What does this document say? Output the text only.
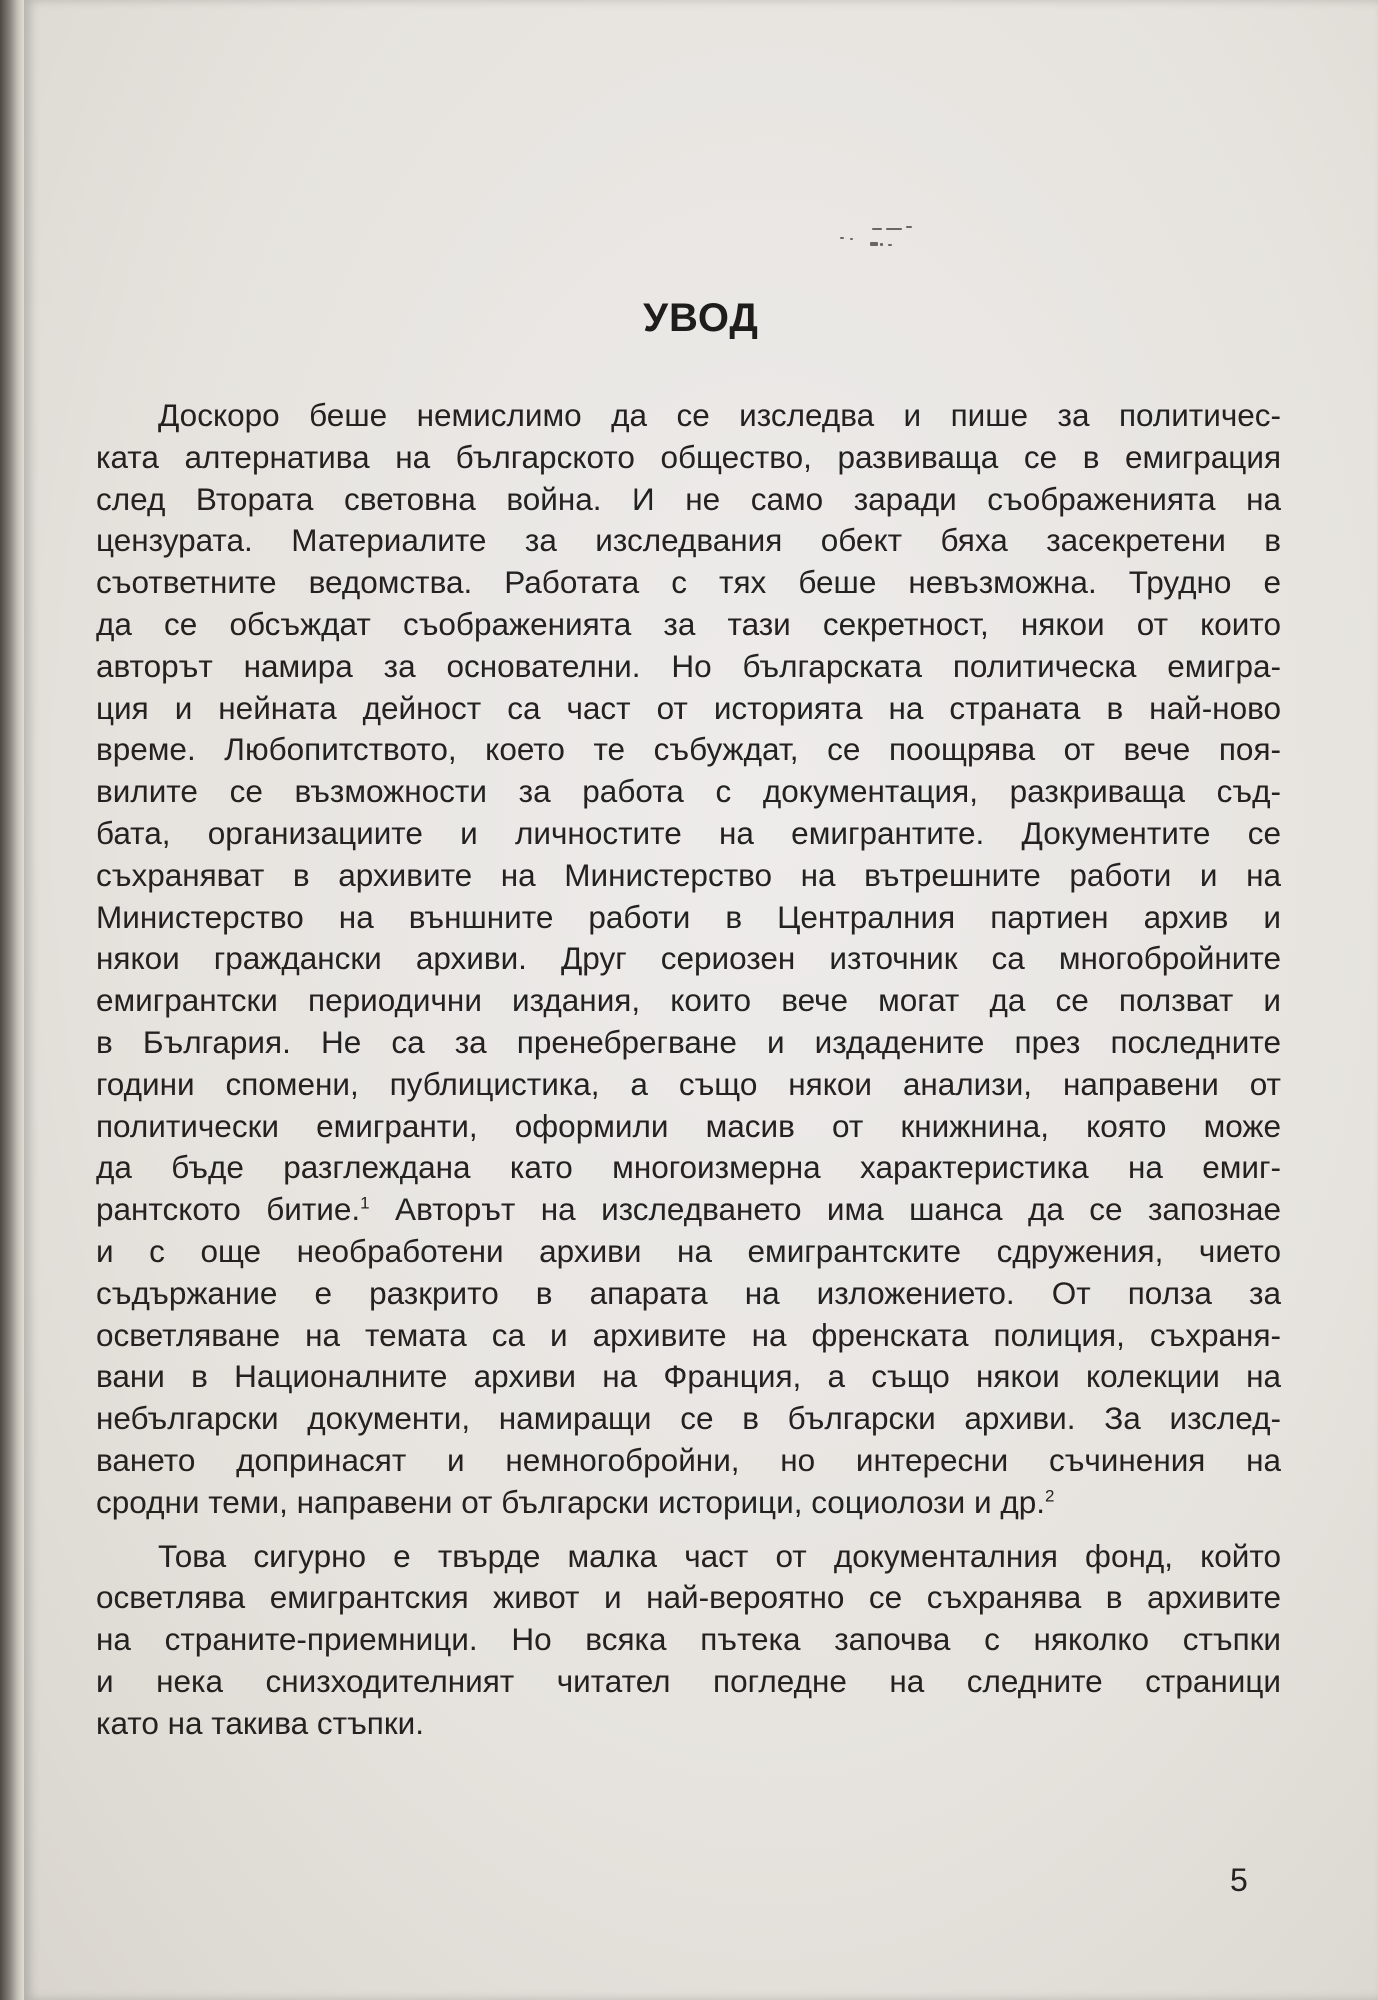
УВОД
Доскоро беше немислимо да се изследва и пише за политичес-
ката алтернатива на българското общество, развиваща се в емиграция
след Втората световна война. И не само заради съображенията на
цензурата. Материалите за изследвания обект бяха засекретени в
съответните ведомства. Работата с тях беше невъзможна. Трудно е
да се обсъждат съображенията за тази секретност, някои от които
авторът намира за основателни. Но българската политическа емигра-
ция и нейната дейност са част от историята на страната в най-ново
време. Любопитството, което те събуждат, се поощрява от вече поя-
вилите се възможности за работа с документация, разкриваща съд-
бата, организациите и личностите на емигрантите. Документите се
съхраняват в архивите на Министерство на вътрешните работи и на
Министерство на външните работи в Централния партиен архив и
някои граждански архиви. Друг сериозен източник са многобройните
емигрантски периодични издания, които вече могат да се ползват и
в България. Не са за пренебрегване и издадените през последните
години спомени, публицистика, а също някои анализи, направени от
политически емигранти, оформили масив от книжнина, която може
да бъде разглеждана като многоизмерна характеристика на емиг-
рантското битие.$^1$ Авторът на изследването има шанса да се запознае
и с още необработени архиви на емигрантските сдружения, чието
съдържание е разкрито в апарата на изложението. От полза за
осветляване на темата са и архивите на френската полиция, съхраня-
вани в Националните архиви на Франция, а също някои колекции на
небългарски документи, намиращи се в български архиви. За изслед-
ването допринасят и немногобройни, но интересни съчинения на
сродни теми, направени от български историци, социолози и др.$^2$
Това сигурно е твърде малка част от документалния фонд, който
осветлява емигрантския живот и най-вероятно се съхранява в архивите
на страните-приемници. Но всяка пътека започва с няколко стъпки
и нека снизходителният читател погледне на следните страници
като на такива стъпки.
5
